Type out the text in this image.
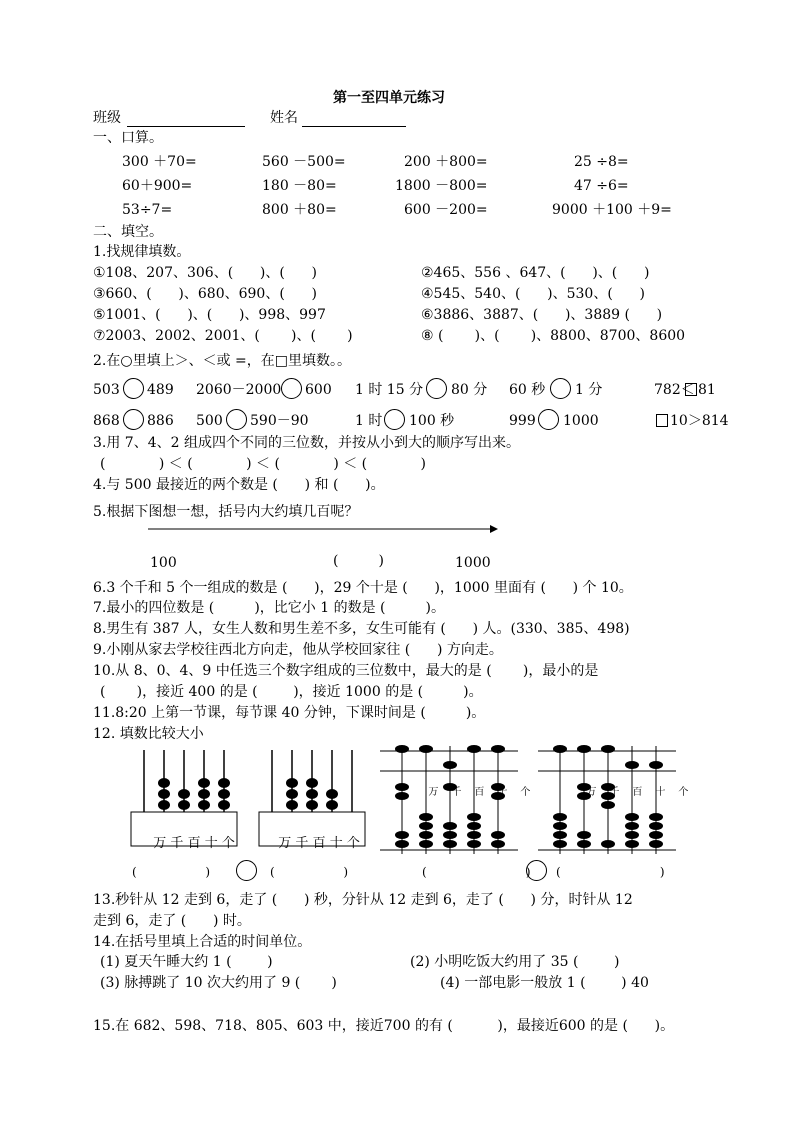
第一至四单元练习
班级	姓名
一、口算。
300 ＋70=	560 －500=	200 ＋800=	25 ÷8=
60＋900=	180 －80=	1800 －800=	47 ÷6=
53÷7=	800 ＋80=	600 －200=	9000 ＋100 ＋9=
二、填空。
1.找规律填数。
①108、207、306、(      )、(      )	②465、556 、647、(      )、(      )
③660、(      )、680、690、(      )	④545、540、(      )、530、(      )
⑤1001、(      )、(      )、998、997	⑥3886、3887、(      )、3889 (      )
⑦2003、2002、2001、(       )、(       )	⑧ (       )、(       )、8800、8700、8600
2.在○里填上＞、＜或 =，在□里填数。。
503 489 2060－2000 600 1 时 15 分 80 分 60 秒 1 分	782＜ 81
868 886 500 590－90	1 时 100 秒	999 1000	10＞814
3.用 7、4、2 组成四个不同的三位数，并按从小到大的顺序写出来。
(            ) ＜ (            ) ＜ (            ) ＜ (            )
4.与 500 最接近的两个数是 (      ) 和 (      )。
5.根据下图想一想，括号内大约填几百呢？
100	(         )	1000
6.3 个千和 5 个一组成的数是 (      )，29 个十是 (      )，1000 里面有 (      ) 个 10。
7.最小的四位数是 (         )，比它小 1 的数是 (         )。
8.男生有 387 人，女生人数和男生差不多，女生可能有 (      ) 人。(330、385、498)
9.小刚从家去学校往西北方向走，他从学校回家往 (      ) 方向走。
10.从 8、0、4、9 中任选三个数字组成的三位数中，最大的是 (       )，最小的是
(       )，接近 400 的是 (        )，接近 1000 的是 (         )。
11.8:20 上第一节课，每节课 40 分钟，下课时间是 (         )。
12. 填数比较大小

万 千 百 十 个	万 千 百 十 个

万千百十个	万千百十个

(                  )	(                  )	(                          ) (                          )
13.秒针从 12 走到 6，走了 (      ) 秒，分针从 12 走到 6，走了 (      ) 分，时针从 12
走到 6，走了 (      ) 时。
14.在括号里填上合适的时间单位。
(1) 夏天午睡大约 1 (        )	(2) 小明吃饭大约用了 35 (        )
(3) 脉搏跳了 10 次大约用了 9 (       )	(4) 一部电影一般放 1 (        ) 40
15.在 682、598、718、805、603 中，接近700 的有 (          )，最接近600 的是 (      )。
